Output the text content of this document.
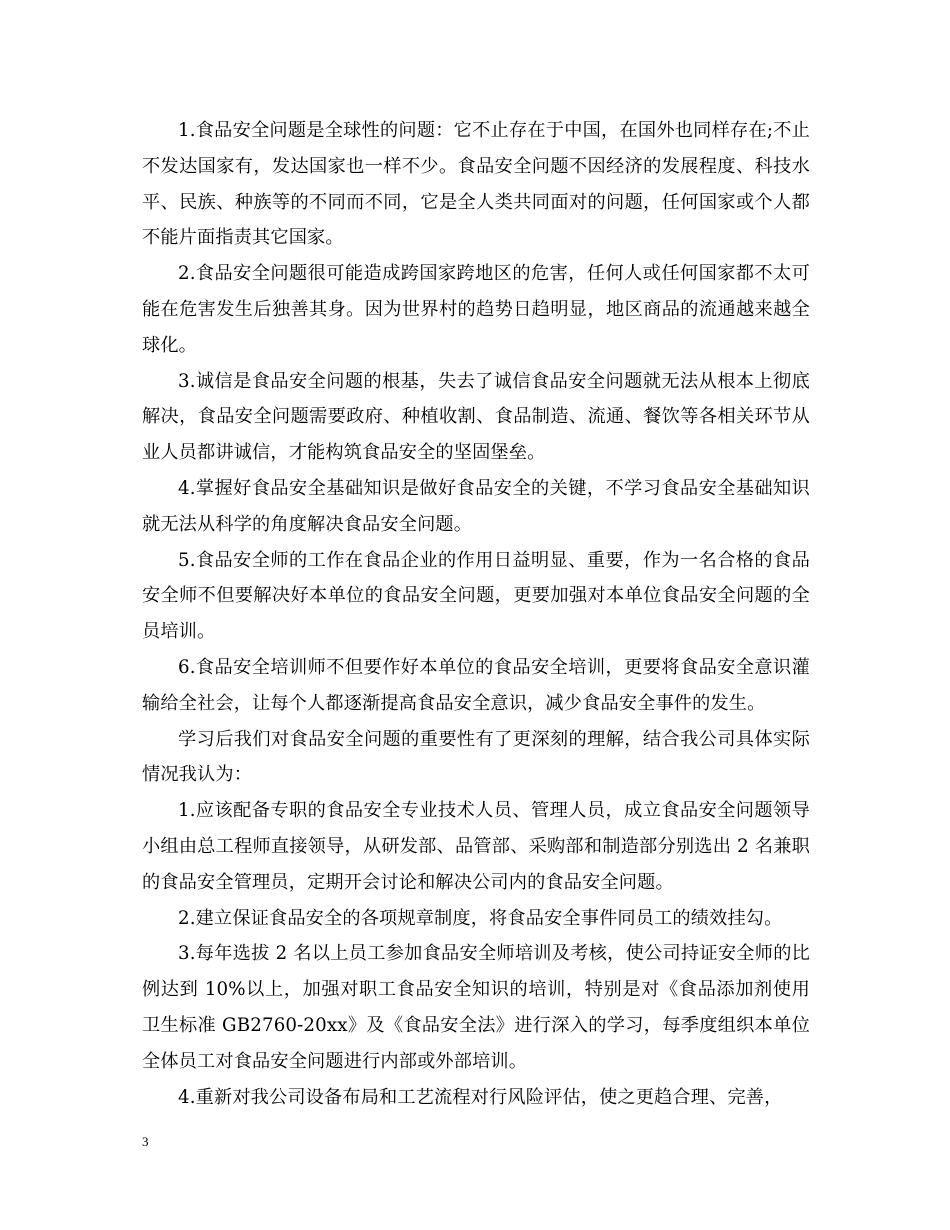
1.食品安全问题是全球性的问题：它不止存在于中国，在国外也同样存在;不止不发达国家有，发达国家也一样不少。食品安全问题不因经济的发展程度、科技水平、民族、种族等的不同而不同，它是全人类共同面对的问题，任何国家或个人都不能片面指责其它国家。

2.食品安全问题很可能造成跨国家跨地区的危害，任何人或任何国家都不太可能在危害发生后独善其身。因为世界村的趋势日趋明显，地区商品的流通越来越全球化。

3.诚信是食品安全问题的根基，失去了诚信食品安全问题就无法从根本上彻底解决，食品安全问题需要政府、种植收割、食品制造、流通、餐饮等各相关环节从业人员都讲诚信，才能构筑食品安全的坚固堡垒。

4.掌握好食品安全基础知识是做好食品安全的关键，不学习食品安全基础知识就无法从科学的角度解决食品安全问题。

5.食品安全师的工作在食品企业的作用日益明显、重要，作为一名合格的食品安全师不但要解决好本单位的食品安全问题，更要加强对本单位食品安全问题的全员培训。

6.食品安全培训师不但要作好本单位的食品安全培训，更要将食品安全意识灌输给全社会，让每个人都逐渐提高食品安全意识，减少食品安全事件的发生。

学习后我们对食品安全问题的重要性有了更深刻的理解，结合我公司具体实际情况我认为：

1.应该配备专职的食品安全专业技术人员、管理人员，成立食品安全问题领导小组由总工程师直接领导，从研发部、品管部、采购部和制造部分别选出 2 名兼职的食品安全管理员，定期开会讨论和解决公司内的食品安全问题。

2.建立保证食品安全的各项规章制度，将食品安全事件同员工的绩效挂勾。

3.每年选拔 2 名以上员工参加食品安全师培训及考核，使公司持证安全师的比例达到 10%以上，加强对职工食品安全知识的培训，特别是对《食品添加剂使用卫生标准 GB2760-20xx》及《食品安全法》进行深入的学习，每季度组织本单位全体员工对食品安全问题进行内部或外部培训。

4.重新对我公司设备布局和工艺流程对行风险评估，使之更趋合理、完善，

3
